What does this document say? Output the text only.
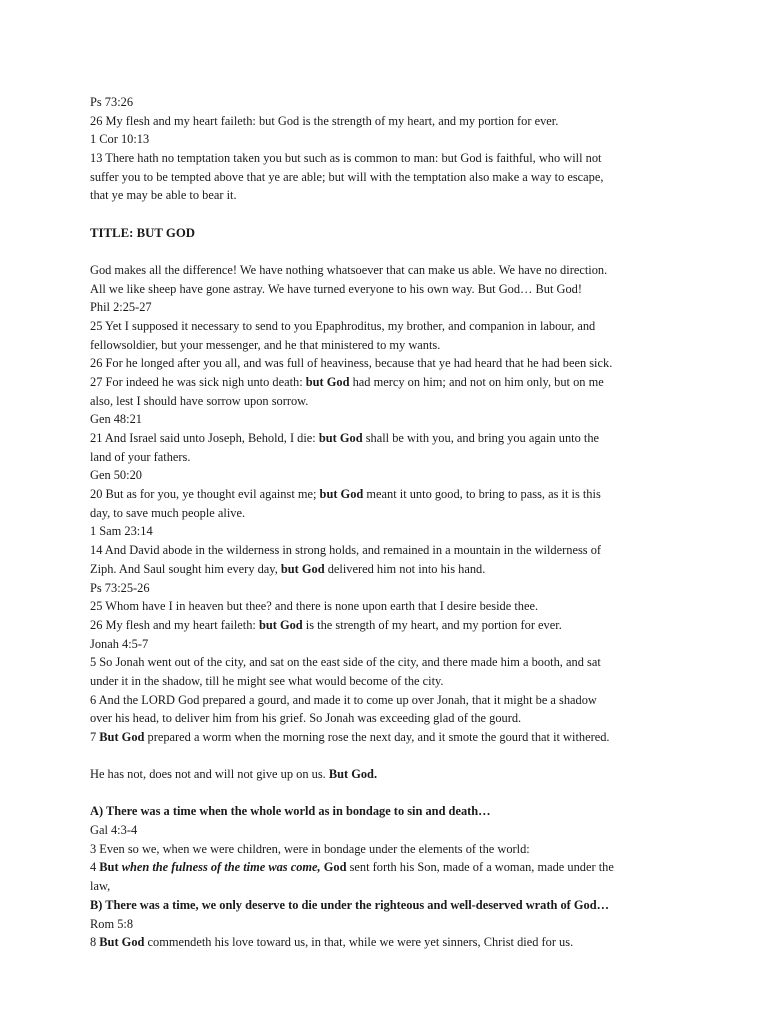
Ps 73:26
26 My flesh and my heart faileth: but God is the strength of my heart, and my portion for ever.
1 Cor 10:13
13 There hath no temptation taken you but such as is common to man: but God is faithful, who will not
suffer you to be tempted above that ye are able; but will with the temptation also make a way to escape,
that ye may be able to bear it.
TITLE: BUT GOD
God makes all the difference! We have nothing whatsoever that can make us able. We have no direction.
All we like sheep have gone astray. We have turned everyone to his own way. But God… But God!
Phil 2:25-27
25 Yet I supposed it necessary to send to you Epaphroditus, my brother, and companion in labour, and
fellowsoldier, but your messenger, and he that ministered to my wants.
26 For he longed after you all, and was full of heaviness, because that ye had heard that he had been sick.
27 For indeed he was sick nigh unto death: but God had mercy on him; and not on him only, but on me
also, lest I should have sorrow upon sorrow.
Gen 48:21
21 And Israel said unto Joseph, Behold, I die: but God shall be with you, and bring you again unto the
land of your fathers.
Gen 50:20
20 But as for you, ye thought evil against me; but God meant it unto good, to bring to pass, as it is this
day, to save much people alive.
1 Sam 23:14
14 And David abode in the wilderness in strong holds, and remained in a mountain in the wilderness of
Ziph. And Saul sought him every day, but God delivered him not into his hand.
Ps 73:25-26
25 Whom have I in heaven but thee? and there is none upon earth that I desire beside thee.
26 My flesh and my heart faileth: but God is the strength of my heart, and my portion for ever.
Jonah 4:5-7
5 So Jonah went out of the city, and sat on the east side of the city, and there made him a booth, and sat
under it in the shadow, till he might see what would become of the city.
6 And the LORD God prepared a gourd, and made it to come up over Jonah, that it might be a shadow
over his head, to deliver him from his grief. So Jonah was exceeding glad of the gourd.
7 But God prepared a worm when the morning rose the next day, and it smote the gourd that it withered.
He has not, does not and will not give up on us. But God.
A) There was a time when the whole world as in bondage to sin and death…
Gal 4:3-4
3 Even so we, when we were children, were in bondage under the elements of the world:
4 But when the fulness of the time was come, God sent forth his Son, made of a woman, made under the
law,
B) There was a time, we only deserve to die under the righteous and well-deserved wrath of God…
Rom 5:8
8 But God commendeth his love toward us, in that, while we were yet sinners, Christ died for us.
